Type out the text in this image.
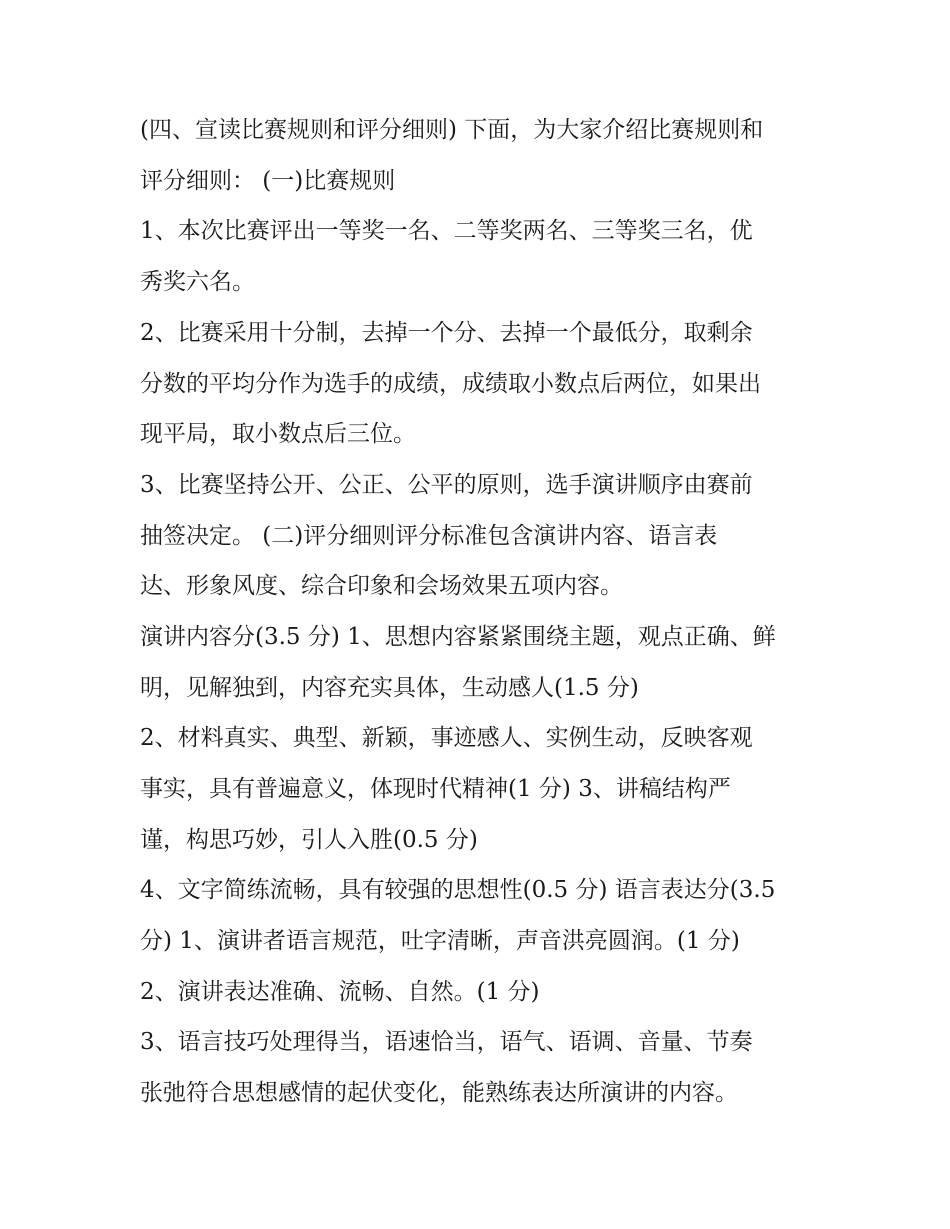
(四、宣读比赛规则和评分细则) 下面，为大家介绍比赛规则和
评分细则： (一)比赛规则
1、本次比赛评出一等奖一名、二等奖两名、三等奖三名，优
秀奖六名。
2、比赛采用十分制，去掉一个分、去掉一个最低分，取剩余
分数的平均分作为选手的成绩，成绩取小数点后两位，如果出
现平局，取小数点后三位。
3、比赛坚持公开、公正、公平的原则，选手演讲顺序由赛前
抽签决定。 (二)评分细则评分标准包含演讲内容、语言表
达、形象风度、综合印象和会场效果五项内容。
演讲内容分(3.5 分) 1、思想内容紧紧围绕主题，观点正确、鲜
明，见解独到，内容充实具体，生动感人(1.5 分)
2、材料真实、典型、新颖，事迹感人、实例生动，反映客观
事实，具有普遍意义，体现时代精神(1 分) 3、讲稿结构严
谨，构思巧妙，引人入胜(0.5 分)
4、文字简练流畅，具有较强的思想性(0.5 分) 语言表达分(3.5
分) 1、演讲者语言规范，吐字清晰，声音洪亮圆润。(1 分)
2、演讲表达准确、流畅、自然。(1 分)
3、语言技巧处理得当，语速恰当，语气、语调、音量、节奏
张弛符合思想感情的起伏变化，能熟练表达所演讲的内容。
